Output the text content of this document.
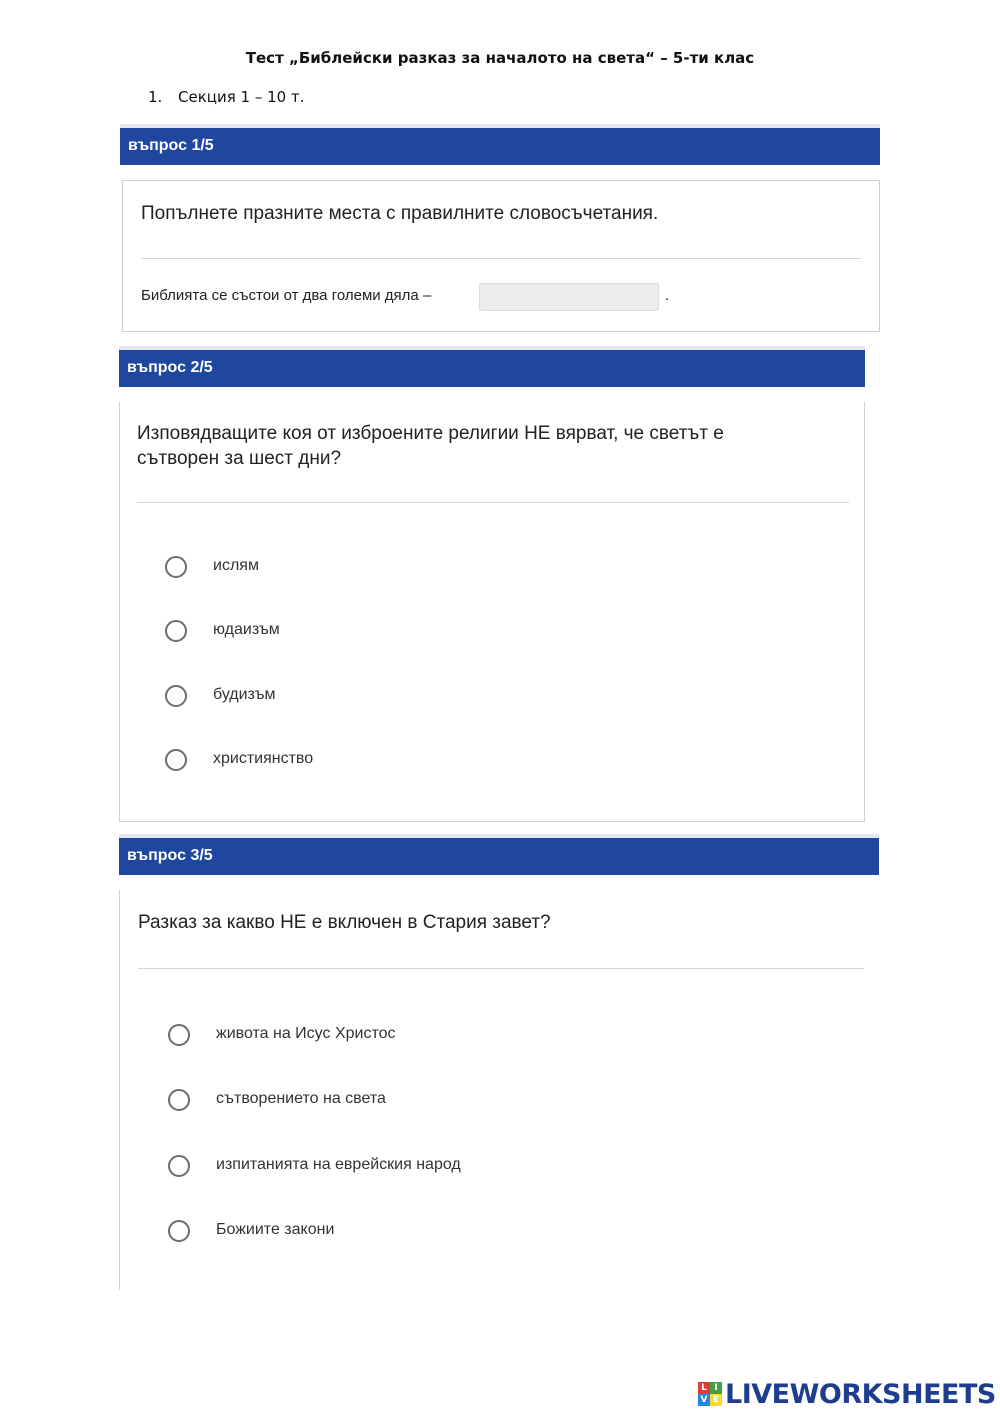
Тест „Библейски разказ за началото на света“ – 5-ти клас
1. Секция 1 – 10 т.
въпрос 1/5
Попълнете празните места с правилните словосъчетания.
Библията се състои от два големи дяла –	.
въпрос 2/5
Изповядващите коя от изброените религии НЕ вярват, че светът е
сътворен за шест дни?
ислям
юдаизъм
будизъм
християнство
въпрос 3/5
Разказ за какво НЕ е включен в Стария завет?
живота на Исус Христос
сътворението на света
изпитанията на еврейския народ
Божиите закони
L I
V E LIVEWORKSHEETS
